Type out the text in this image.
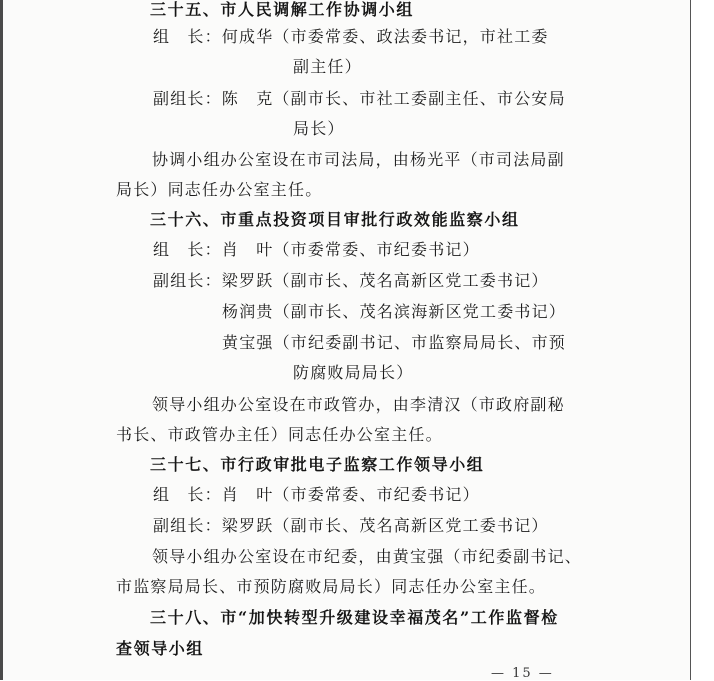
三十五、市人民调解工作协调小组
组　长：何成华（市委常委、政法委书记，市社工委
副主任）
副组长：陈　克（副市长、市社工委副主任、市公安局
局长）
协调小组办公室设在市司法局，由杨光平（市司法局副
局长）同志任办公室主任。
三十六、市重点投资项目审批行政效能监察小组
组　长：肖　叶（市委常委、市纪委书记）
副组长：梁罗跃（副市长、茂名高新区党工委书记）
杨润贵（副市长、茂名滨海新区党工委书记）
黄宝强（市纪委副书记、市监察局局长、市预
防腐败局局长）
领导小组办公室设在市政管办，由李清汉（市政府副秘
书长、市政管办主任）同志任办公室主任。
三十七、市行政审批电子监察工作领导小组
组　长：肖　叶（市委常委、市纪委书记）
副组长：梁罗跃（副市长、茂名高新区党工委书记）
领导小组办公室设在市纪委，由黄宝强（市纪委副书记、
市监察局局长、市预防腐败局局长）同志任办公室主任。
三十八、市“加快转型升级建设幸福茂名”工作监督检
查领导小组
— 15 —
